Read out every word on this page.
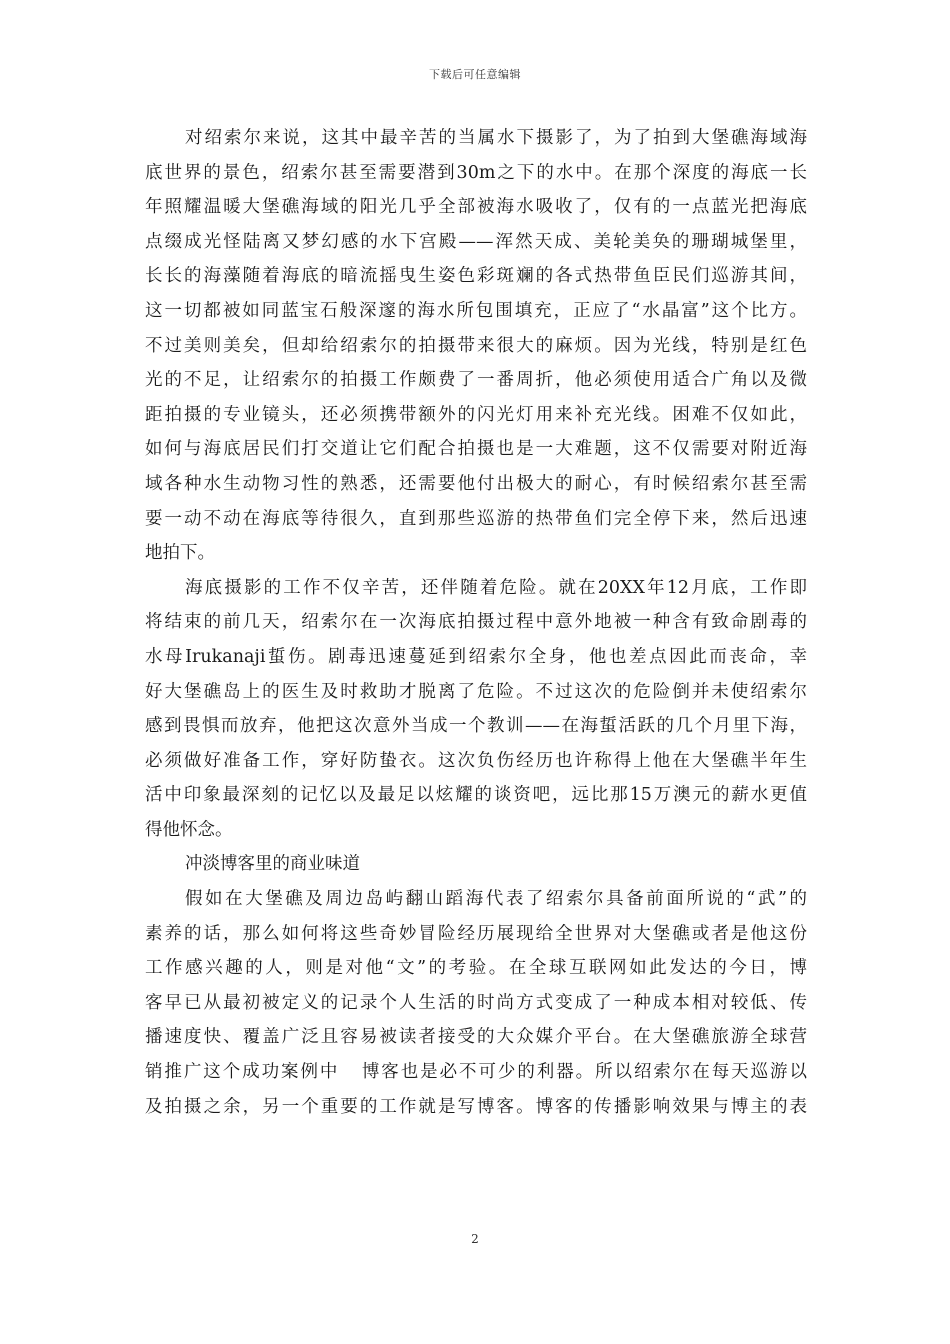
下载后可任意编辑
对绍索尔来说，这其中最辛苦的当属水下摄影了，为了拍到大堡礁海域海
底世界的景色，绍索尔甚至需要潜到30m之下的水中。在那个深度的海底一长
年照耀温暖大堡礁海域的阳光几乎全部被海水吸收了，仅有的一点蓝光把海底
点缀成光怪陆离又梦幻感的水下宫殿——浑然天成、美轮美奂的珊瑚城堡里，
长长的海藻随着海底的暗流摇曳生姿色彩斑斓的各式热带鱼臣民们巡游其间，
这一切都被如同蓝宝石般深邃的海水所包围填充，正应了“水晶富”这个比方。
不过美则美矣，但却给绍索尔的拍摄带来很大的麻烦。因为光线，特别是红色
光的不足，让绍索尔的拍摄工作颇费了一番周折，他必须使用适合广角以及微
距拍摄的专业镜头，还必须携带额外的闪光灯用来补充光线。困难不仅如此，
如何与海底居民们打交道让它们配合拍摄也是一大难题，这不仅需要对附近海
域各种水生动物习性的熟悉，还需要他付出极大的耐心，有时候绍索尔甚至需
要一动不动在海底等待很久，直到那些巡游的热带鱼们完全停下来，然后迅速
地拍下。
海底摄影的工作不仅辛苦，还伴随着危险。就在20XX年12月底，工作即
将结束的前几天，绍索尔在一次海底拍摄过程中意外地被一种含有致命剧毒的
水母Irukanaji蜇伤。剧毒迅速蔓延到绍索尔全身，他也差点因此而丧命，幸
好大堡礁岛上的医生及时救助才脱离了危险。不过这次的危险倒并未使绍索尔
感到畏惧而放弃，他把这次意外当成一个教训——在海蜇活跃的几个月里下海，
必须做好准备工作，穿好防蛰衣。这次负伤经历也许称得上他在大堡礁半年生
活中印象最深刻的记忆以及最足以炫耀的谈资吧，远比那15万澳元的薪水更值
得他怀念。
冲淡博客里的商业味道
假如在大堡礁及周边岛屿翻山蹈海代表了绍索尔具备前面所说的“武”的
素养的话，那么如何将这些奇妙冒险经历展现给全世界对大堡礁或者是他这份
工作感兴趣的人，则是对他“文”的考验。在全球互联网如此发达的今日，博
客早已从最初被定义的记录个人生活的时尚方式变成了一种成本相对较低、传
播速度快、覆盖广泛且容易被读者接受的大众媒介平台。在大堡礁旅游全球营
销推广这个成功案例中   博客也是必不可少的利器。所以绍索尔在每天巡游以
及拍摄之余，另一个重要的工作就是写博客。博客的传播影响效果与博主的表
2
